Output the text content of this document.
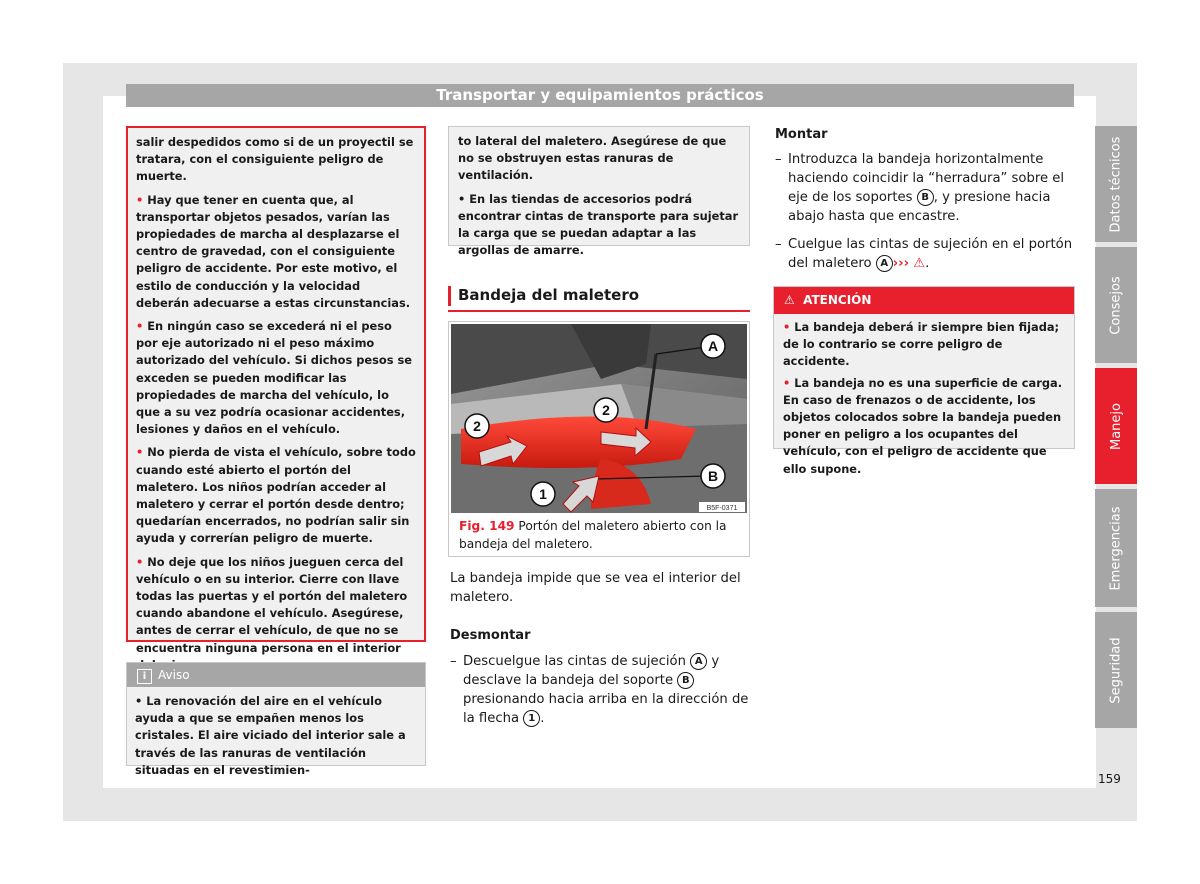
Transportar y equipamientos prácticos
Datos técnicos
Consejos
Manejo
Emergencias
Seguridad
159

salir despedidos como si de un proyectil se tratara, con el consiguiente peligro de muerte.

• Hay que tener en cuenta que, al transportar objetos pesados, varían las propiedades de marcha al desplazarse el centro de gravedad, con el consiguiente peligro de accidente. Por este motivo, el estilo de conducción y la velocidad deberán adecuarse a estas circunstancias.

• En ningún caso se excederá ni el peso por eje autorizado ni el peso máximo autorizado del vehículo. Si dichos pesos se exceden se pueden modificar las propiedades de marcha del vehículo, lo que a su vez podría ocasionar accidentes, lesiones y daños en el vehículo.

• No pierda de vista el vehículo, sobre todo cuando esté abierto el portón del maletero. Los niños podrían acceder al maletero y cerrar el portón desde dentro; quedarían encerrados, no podrían salir sin ayuda y correrían peligro de muerte.

• No deje que los niños jueguen cerca del vehículo o en su interior. Cierre con llave todas las puertas y el portón del maletero cuando abandone el vehículo. Asegúrese, antes de cerrar el vehículo, de que no se encuentra ninguna persona en el interior

i Aviso
• La renovación del aire en el vehículo ayuda a que se empañen menos los cristales. El aire viciado del interior sale a través de las ranuras de ventilación situadas en el revestimien-

to lateral del maletero. Asegúrese de que no se obstruyen estas ranuras de ventilación.

• En las tiendas de accesorios podrá encontrar cintas de transporte para sujetar la carga que se puedan adaptar a las argollas de amarre.

Bandeja del maletero
A
B
2
2
1
B5F-0371
Fig. 149 Portón del maletero abierto con la bandeja del maletero.
La bandeja impide que se vea el interior del maletero.
Desmontar
– Descuelgue las cintas de sujeción A y desclave la bandeja del soporte B presionando hacia arriba en la dirección de la flecha 1 .
Montar
– Introduzca la bandeja horizontalmente haciendo coincidir la “herradura” sobre el eje de los soportes B , y presione hacia abajo hasta que encastre.
– Cuelgue las cintas de sujeción en el portón del maletero A ››› ⚠.
⚠ ATENCIÓN

• La bandeja deberá ir siempre bien fijada; de lo contrario se corre peligro de accidente.

• La bandeja no es una superficie de carga. En caso de frenazos o de accidente, los objetos colocados sobre la bandeja pueden poner en peligro a los ocupantes del vehículo, con el peligro de accidente que ello supone.
